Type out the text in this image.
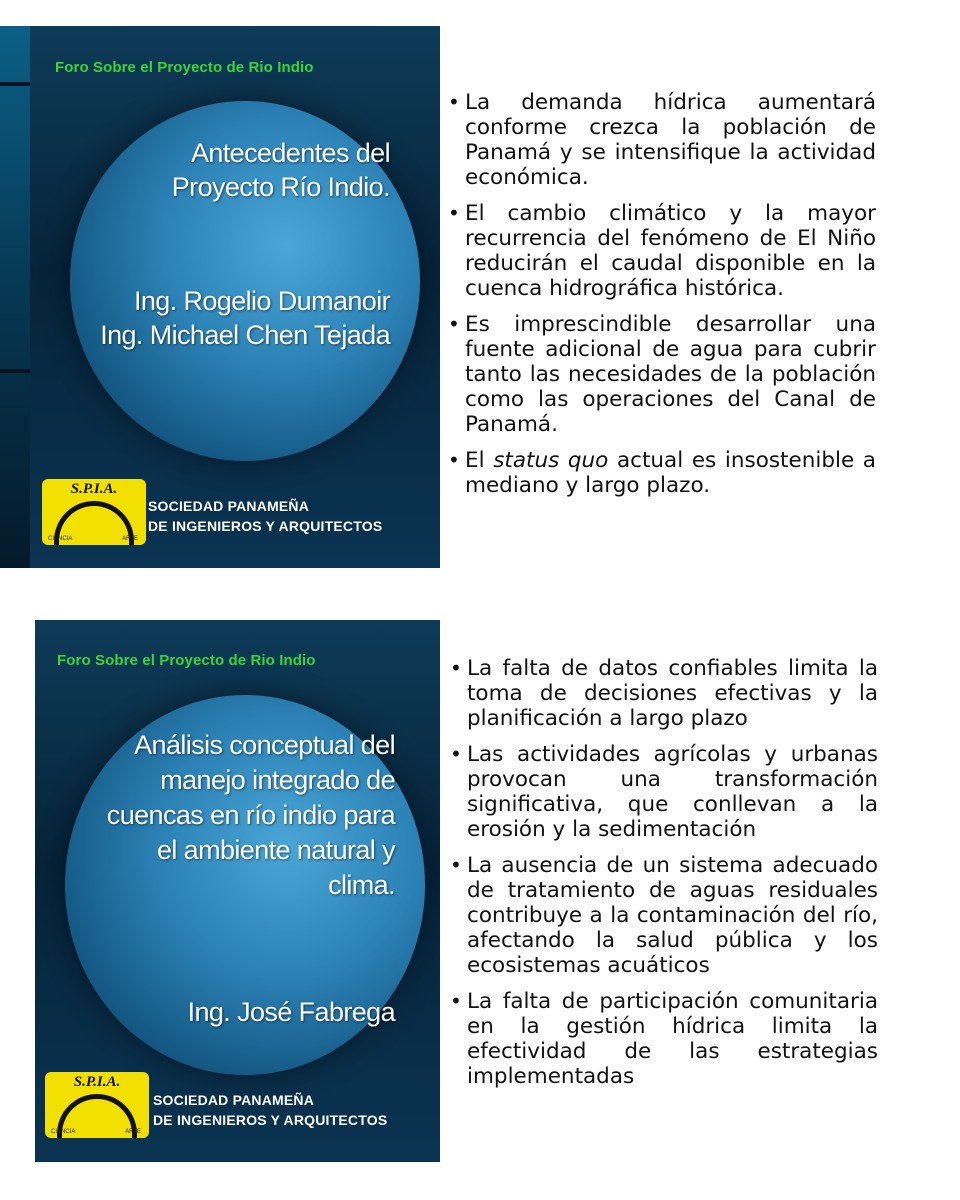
Foro Sobre el Proyecto de Rio Indio
Antecedentes del
Proyecto Río Indio.
Ing. Rogelio Dumanoir
Ing. Michael Chen Tejada
S.P.I.A.
CIENCIA	ARTE
SOCIEDAD PANAMEÑA
DE INGENIEROS Y ARQUITECTOS
• La demanda hídrica aumentará conforme crezca la población de Panamá y se intensifique la actividad económica.
• El cambio climático y la mayor recurrencia del fenómeno de El Niño reducirán el caudal disponible en la cuenca hidrográfica histórica.
• Es imprescindible desarrollar una fuente adicional de agua para cubrir tanto las necesidades de la población como las operaciones del Canal de Panamá.
• El status quo actual es insostenible a mediano y largo plazo.
Foro Sobre el Proyecto de Rio Indio
Análisis conceptual del
manejo integrado de
cuencas en río indio para
el ambiente natural y
clima.
Ing. José Fabrega
S.P.I.A.
CIENCIA	ARTE
SOCIEDAD PANAMEÑA
DE INGENIEROS Y ARQUITECTOS
• La falta de datos confiables limita la toma de decisiones efectivas y la planificación a largo plazo
• Las actividades agrícolas y urbanas provocan una transformación significativa, que conllevan a la erosión y la sedimentación
• La ausencia de un sistema adecuado de tratamiento de aguas residuales contribuye a la contaminación del río, afectando la salud pública y los ecosistemas acuáticos
• La falta de participación comunitaria en la gestión hídrica limita la efectividad de las estrategias implementadas
